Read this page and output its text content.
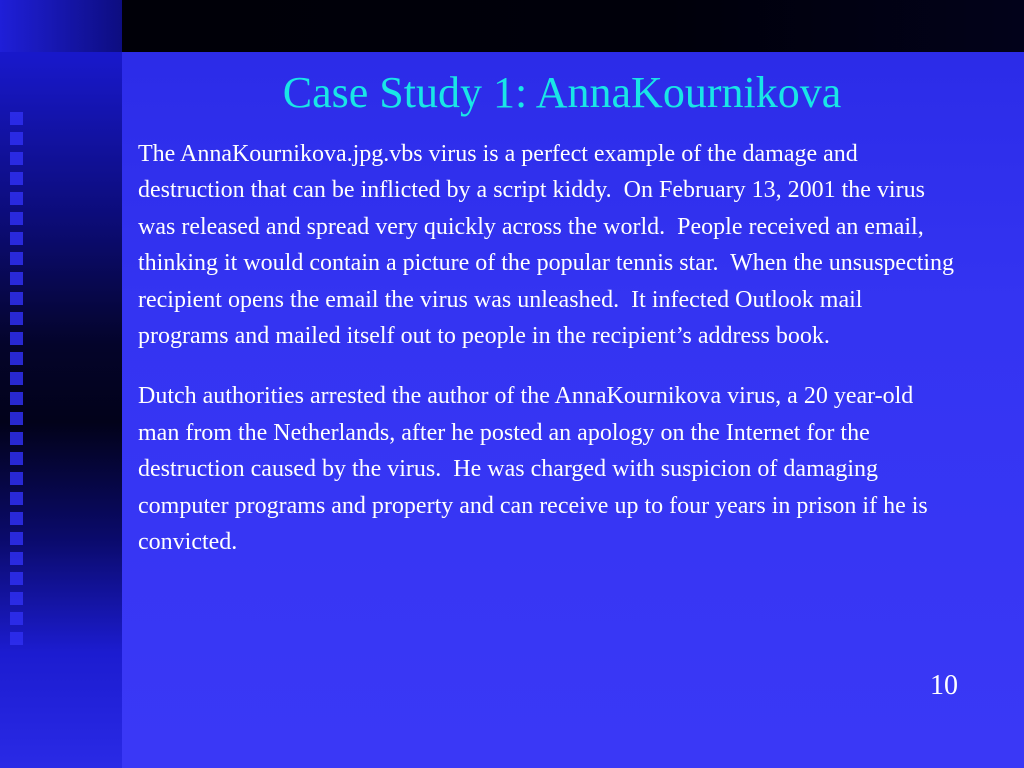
Case Study 1: AnnaKournikova

The AnnaKournikova.jpg.vbs virus is a perfect example of the damage and destruction that can be inflicted by a script kiddy.  On February 13, 2001 the virus was released and spread very quickly across the world.  People received an email, thinking it would contain a picture of the popular tennis star.  When the unsuspecting recipient opens the email the virus was unleashed.  It infected Outlook mail programs and mailed itself out to people in the recipient’s address book.

Dutch authorities arrested the author of the AnnaKournikova virus, a 20 year-old man from the Netherlands, after he posted an apology on the Internet for the destruction caused by the virus.  He was charged with suspicion of damaging computer programs and property and can receive up to four years in prison if he is convicted.

10
